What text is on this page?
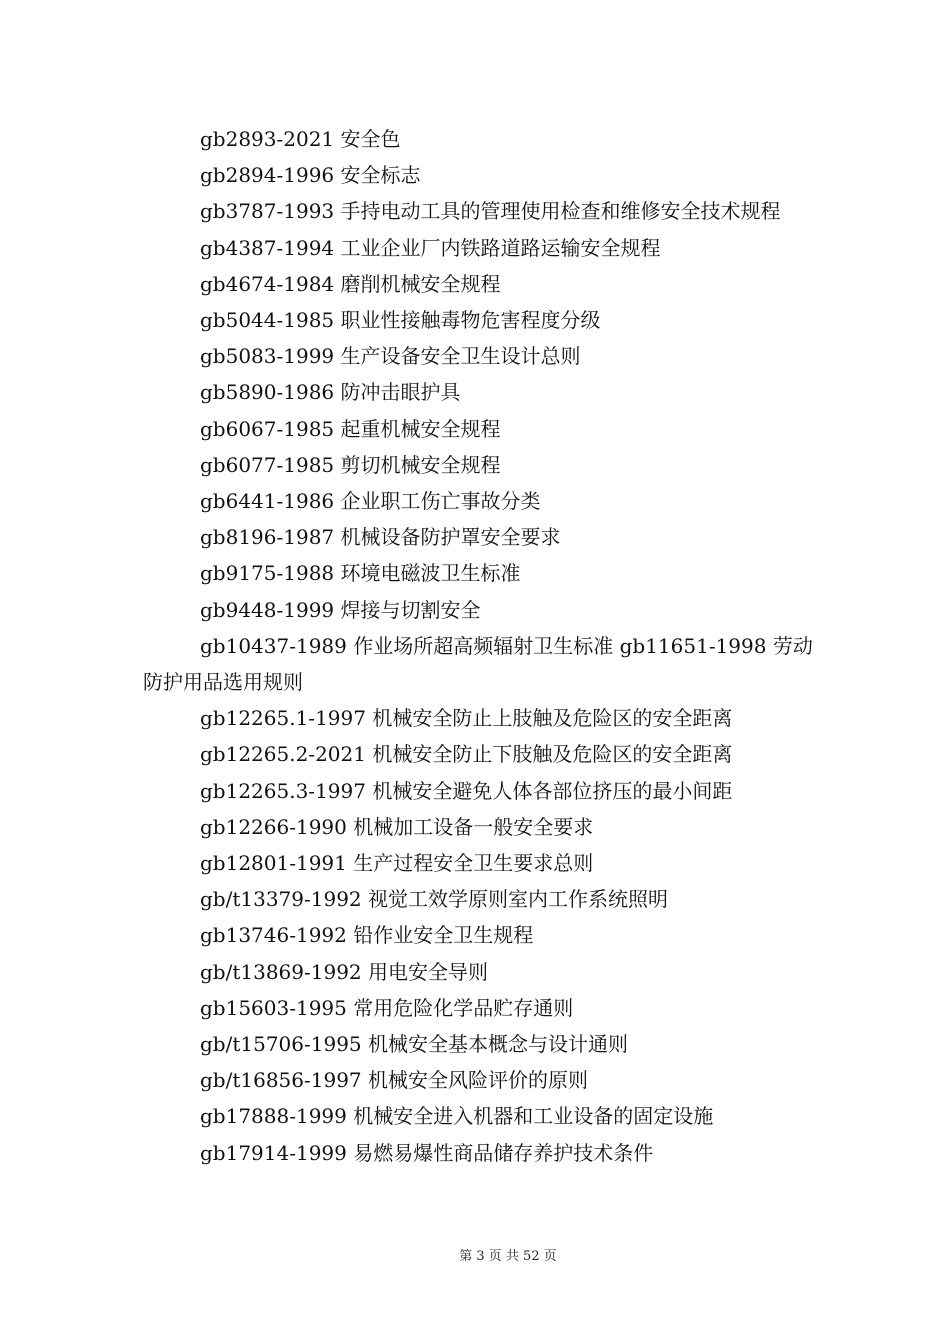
gb2893-2021 安全色

gb2894-1996 安全标志

gb3787-1993 手持电动工具的管理使用检查和维修安全技术规程

gb4387-1994 工业企业厂内铁路道路运输安全规程

gb4674-1984 磨削机械安全规程

gb5044-1985 职业性接触毒物危害程度分级

gb5083-1999 生产设备安全卫生设计总则

gb5890-1986 防冲击眼护具

gb6067-1985 起重机械安全规程

gb6077-1985 剪切机械安全规程

gb6441-1986 企业职工伤亡事故分类

gb8196-1987 机械设备防护罩安全要求

gb9175-1988 环境电磁波卫生标准

gb9448-1999 焊接与切割安全

gb10437-1989 作业场所超高频辐射卫生标准 gb11651-1998 劳动防护用品选用规则

gb12265.1-1997 机械安全防止上肢触及危险区的安全距离

gb12265.2-2021 机械安全防止下肢触及危险区的安全距离

gb12265.3-1997 机械安全避免人体各部位挤压的最小间距

gb12266-1990 机械加工设备一般安全要求

gb12801-1991 生产过程安全卫生要求总则

gb/t13379-1992 视觉工效学原则室内工作系统照明

gb13746-1992 铅作业安全卫生规程

gb/t13869-1992 用电安全导则

gb15603-1995 常用危险化学品贮存通则

gb/t15706-1995 机械安全基本概念与设计通则

gb/t16856-1997 机械安全风险评价的原则

gb17888-1999 机械安全进入机器和工业设备的固定设施

gb17914-1999 易燃易爆性商品储存养护技术条件

第 3 页 共 52 页
